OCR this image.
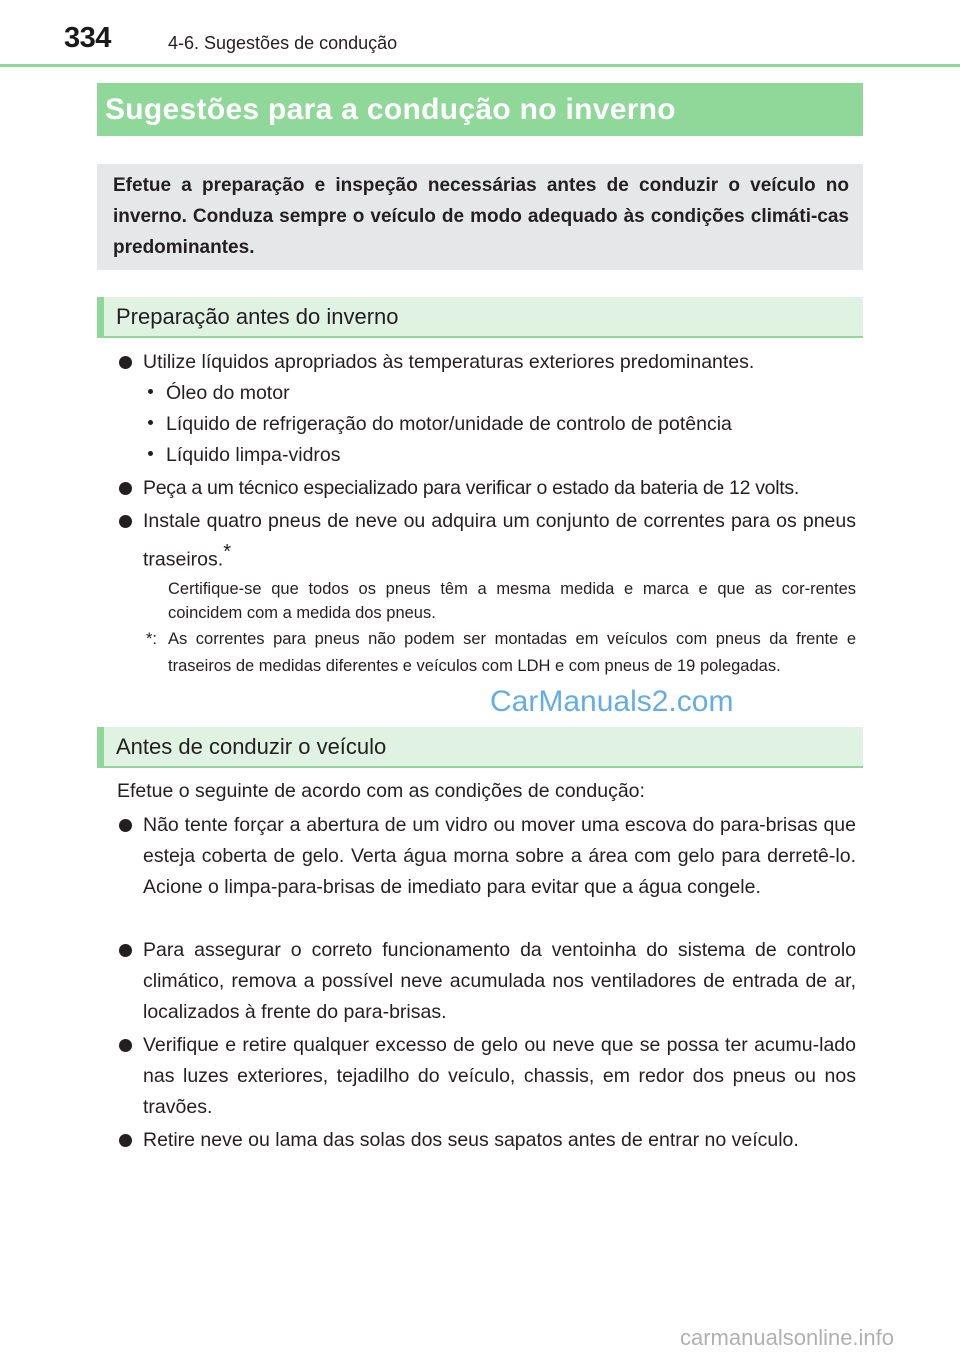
334	4-6. Sugestões de condução
Sugestões para a condução no inverno
Efetue a preparação e inspeção necessárias antes de conduzir o veículo no inverno. Conduza sempre o veículo de modo adequado às condições climáti-cas predominantes.
Preparação antes do inverno
Utilize líquidos apropriados às temperaturas exteriores predominantes.
Óleo do motor
Líquido de refrigeração do motor/unidade de controlo de potência
Líquido limpa-vidros
Peça a um técnico especializado para verificar o estado da bateria de 12 volts.
Instale quatro pneus de neve ou adquira um conjunto de correntes para os pneus traseiros.*
Certifique-se que todos os pneus têm a mesma medida e marca e que as cor-rentes coincidem com a medida dos pneus.
*: As correntes para pneus não podem ser montadas em veículos com pneus da frente e traseiros de medidas diferentes e veículos com LDH e com pneus de 19 polegadas.
CarManuals2.com
Antes de conduzir o veículo
Efetue o seguinte de acordo com as condições de condução:
Não tente forçar a abertura de um vidro ou mover uma escova do para-brisas que esteja coberta de gelo. Verta água morna sobre a área com gelo para derretê-lo. Acione o limpa-para-brisas de imediato para evitar que a água congele.
Para assegurar o correto funcionamento da ventoinha do sistema de controlo climático, remova a possível neve acumulada nos ventiladores de entrada de ar, localizados à frente do para-brisas.
Verifique e retire qualquer excesso de gelo ou neve que se possa ter acumu-lado nas luzes exteriores, tejadilho do veículo, chassis, em redor dos pneus ou nos travões.
Retire neve ou lama das solas dos seus sapatos antes de entrar no veículo.
carmanualsonline.info
